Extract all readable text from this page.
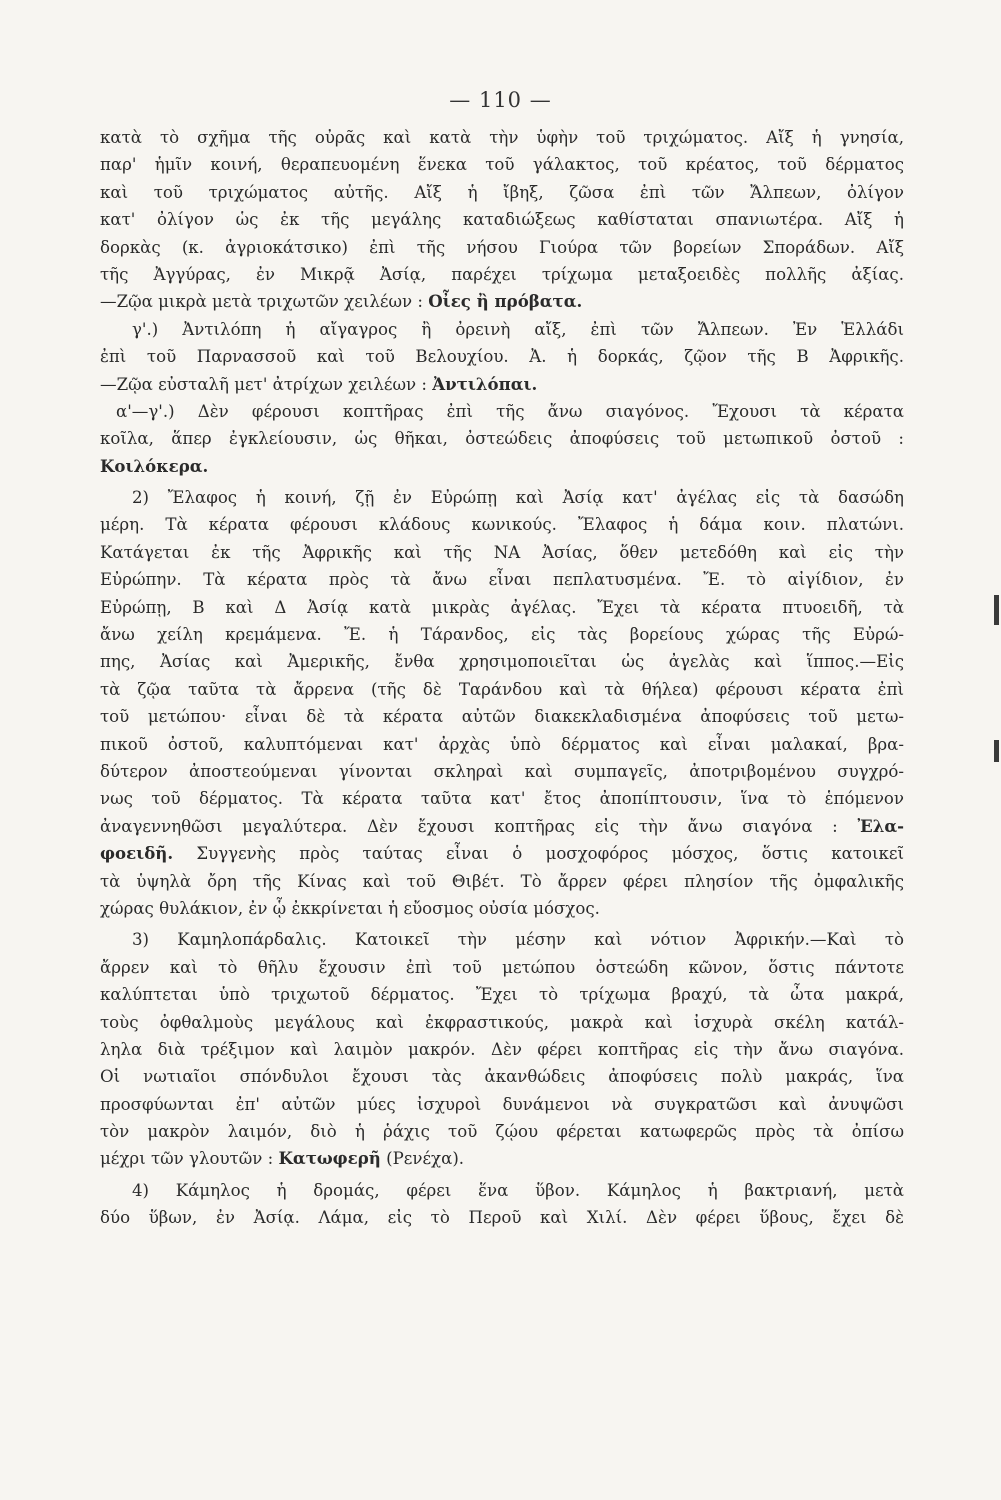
— 110 —
κατὰ τὸ σχῆμα τῆς οὐρᾶς καὶ κατὰ τὴν ὑφὴν τοῦ τριχώματος. Αἴξ ἡ γνησία,
παρ' ἡμῖν κοινή, θεραπευομένη ἕνεκα τοῦ γάλακτος, τοῦ κρέατος, τοῦ δέρματος
καὶ τοῦ τριχώματος αὐτῆς. Αἴξ ἡ ἴβηξ, ζῶσα ἐπὶ τῶν Ἄλπεων, ὀλίγον
κατ' ὀλίγον ὡς ἐκ τῆς μεγάλης καταδιώξεως καθίσταται σπανιωτέρα. Αἴξ ἡ
δορκὰς (κ. ἀγριοκάτσικο) ἐπὶ τῆς νήσου Γιούρα τῶν βορείων Σποράδων. Αἴξ
τῆς Ἀγγύρας, ἐν Μικρᾷ Ἀσίᾳ, παρέχει τρίχωμα μεταξοειδὲς πολλῆς ἀξίας.
—Ζῷα μικρὰ μετὰ τριχωτῶν χειλέων : Οἶες ἢ πρόβατα.
γ'.) Ἀντιλόπη ἡ αἴγαγρος ἢ ὀρεινὴ αἴξ, ἐπὶ τῶν Ἄλπεων. Ἐν Ἑλλάδι
ἐπὶ τοῦ Παρνασσοῦ καὶ τοῦ Βελουχίου. Ἀ. ἡ δορκάς, ζῷον τῆς Β Ἀφρικῆς.
—Ζῷα εὐσταλῆ μετ' ἀτρίχων χειλέων : Ἀντιλόπαι.
α'—γ'.) Δὲν φέρουσι κοπτῆρας ἐπὶ τῆς ἄνω σιαγόνος. Ἔχουσι τὰ κέρατα
κοῖλα, ἅπερ ἐγκλείουσιν, ὡς θῆκαι, ὀστεώδεις ἀποφύσεις τοῦ μετωπικοῦ ὀστοῦ :
Κοιλόκερα.
2) Ἔλαφος ἡ κοινή, ζῇ ἐν Εὐρώπῃ καὶ Ἀσίᾳ κατ' ἀγέλας εἰς τὰ δασώδη
μέρη. Τὰ κέρατα φέρουσι κλάδους κωνικούς. Ἔλαφος ἡ δάμα κοιν. πλατώνι.
Κατάγεται ἐκ τῆς Ἀφρικῆς καὶ τῆς ΝΑ Ἀσίας, ὅθεν μετεδόθη καὶ εἰς τὴν
Εὐρώπην. Τὰ κέρατα πρὸς τὰ ἄνω εἶναι πεπλατυσμένα. Ἔ. τὸ αἰγίδιον, ἐν
Εὐρώπῃ, Β καὶ Δ Ἀσίᾳ κατὰ μικρὰς ἀγέλας. Ἔχει τὰ κέρατα πτυοειδῆ, τὰ
ἄνω χείλη κρεμάμενα. Ἔ. ἡ Τάρανδος, εἰς τὰς βορείους χώρας τῆς Εὐρώ-
πης, Ἀσίας καὶ Ἀμερικῆς, ἔνθα χρησιμοποιεῖται ὡς ἀγελὰς καὶ ἵππος.—Εἰς
τὰ ζῷα ταῦτα τὰ ἄρρενα (τῆς δὲ Ταράνδου καὶ τὰ θήλεα) φέρουσι κέρατα ἐπὶ
τοῦ μετώπου· εἶναι δὲ τὰ κέρατα αὐτῶν διακεκλαδισμένα ἀποφύσεις τοῦ μετω-
πικοῦ ὀστοῦ, καλυπτόμεναι κατ' ἀρχὰς ὑπὸ δέρματος καὶ εἶναι μαλακαί, βρα-
δύτερον ἀποστεούμεναι γίνονται σκληραὶ καὶ συμπαγεῖς, ἀποτριβομένου συγχρό-
νως τοῦ δέρματος. Τὰ κέρατα ταῦτα κατ' ἔτος ἀποπίπτουσιν, ἵνα τὸ ἑπόμενον
ἀναγεννηθῶσι μεγαλύτερα. Δὲν ἔχουσι κοπτῆρας εἰς τὴν ἄνω σιαγόνα : Ἐλα-
φοειδῆ. Συγγενὴς πρὸς ταύτας εἶναι ὁ μοσχοφόρος μόσχος, ὅστις κατοικεῖ
τὰ ὑψηλὰ ὄρη τῆς Κίνας καὶ τοῦ Θιβέτ. Τὸ ἄρρεν φέρει πλησίον τῆς ὀμφαλικῆς
χώρας θυλάκιον, ἐν ᾧ ἐκκρίνεται ἡ εὔοσμος οὐσία μόσχος.
3) Καμηλοπάρδαλις. Κατοικεῖ τὴν μέσην καὶ νότιον Ἀφρικήν.—Καὶ τὸ
ἄρρεν καὶ τὸ θῆλυ ἔχουσιν ἐπὶ τοῦ μετώπου ὀστεώδη κῶνον, ὅστις πάντοτε
καλύπτεται ὑπὸ τριχωτοῦ δέρματος. Ἔχει τὸ τρίχωμα βραχύ, τὰ ὦτα μακρά,
τοὺς ὀφθαλμοὺς μεγάλους καὶ ἐκφραστικούς, μακρὰ καὶ ἰσχυρὰ σκέλη κατάλ-
ληλα διὰ τρέξιμον καὶ λαιμὸν μακρόν. Δὲν φέρει κοπτῆρας εἰς τὴν ἄνω σιαγόνα.
Οἱ νωτιαῖοι σπόνδυλοι ἔχουσι τὰς ἀκανθώδεις ἀποφύσεις πολὺ μακράς, ἵνα
προσφύωνται ἐπ' αὐτῶν μύες ἰσχυροὶ δυνάμενοι νὰ συγκρατῶσι καὶ ἀνυψῶσι
τὸν μακρὸν λαιμόν, διὸ ἡ ῥάχις τοῦ ζῴου φέρεται κατωφερῶς πρὸς τὰ ὀπίσω
μέχρι τῶν γλουτῶν : Κατωφερῆ (Ρενέχα).
4) Κάμηλος ἡ δρομάς, φέρει ἕνα ὕβον. Κάμηλος ἡ βακτριανή, μετὰ
δύο ὕβων, ἐν Ἀσίᾳ. Λάμα, εἰς τὸ Περοῦ καὶ Χιλί. Δὲν φέρει ὕβους, ἔχει δὲ
